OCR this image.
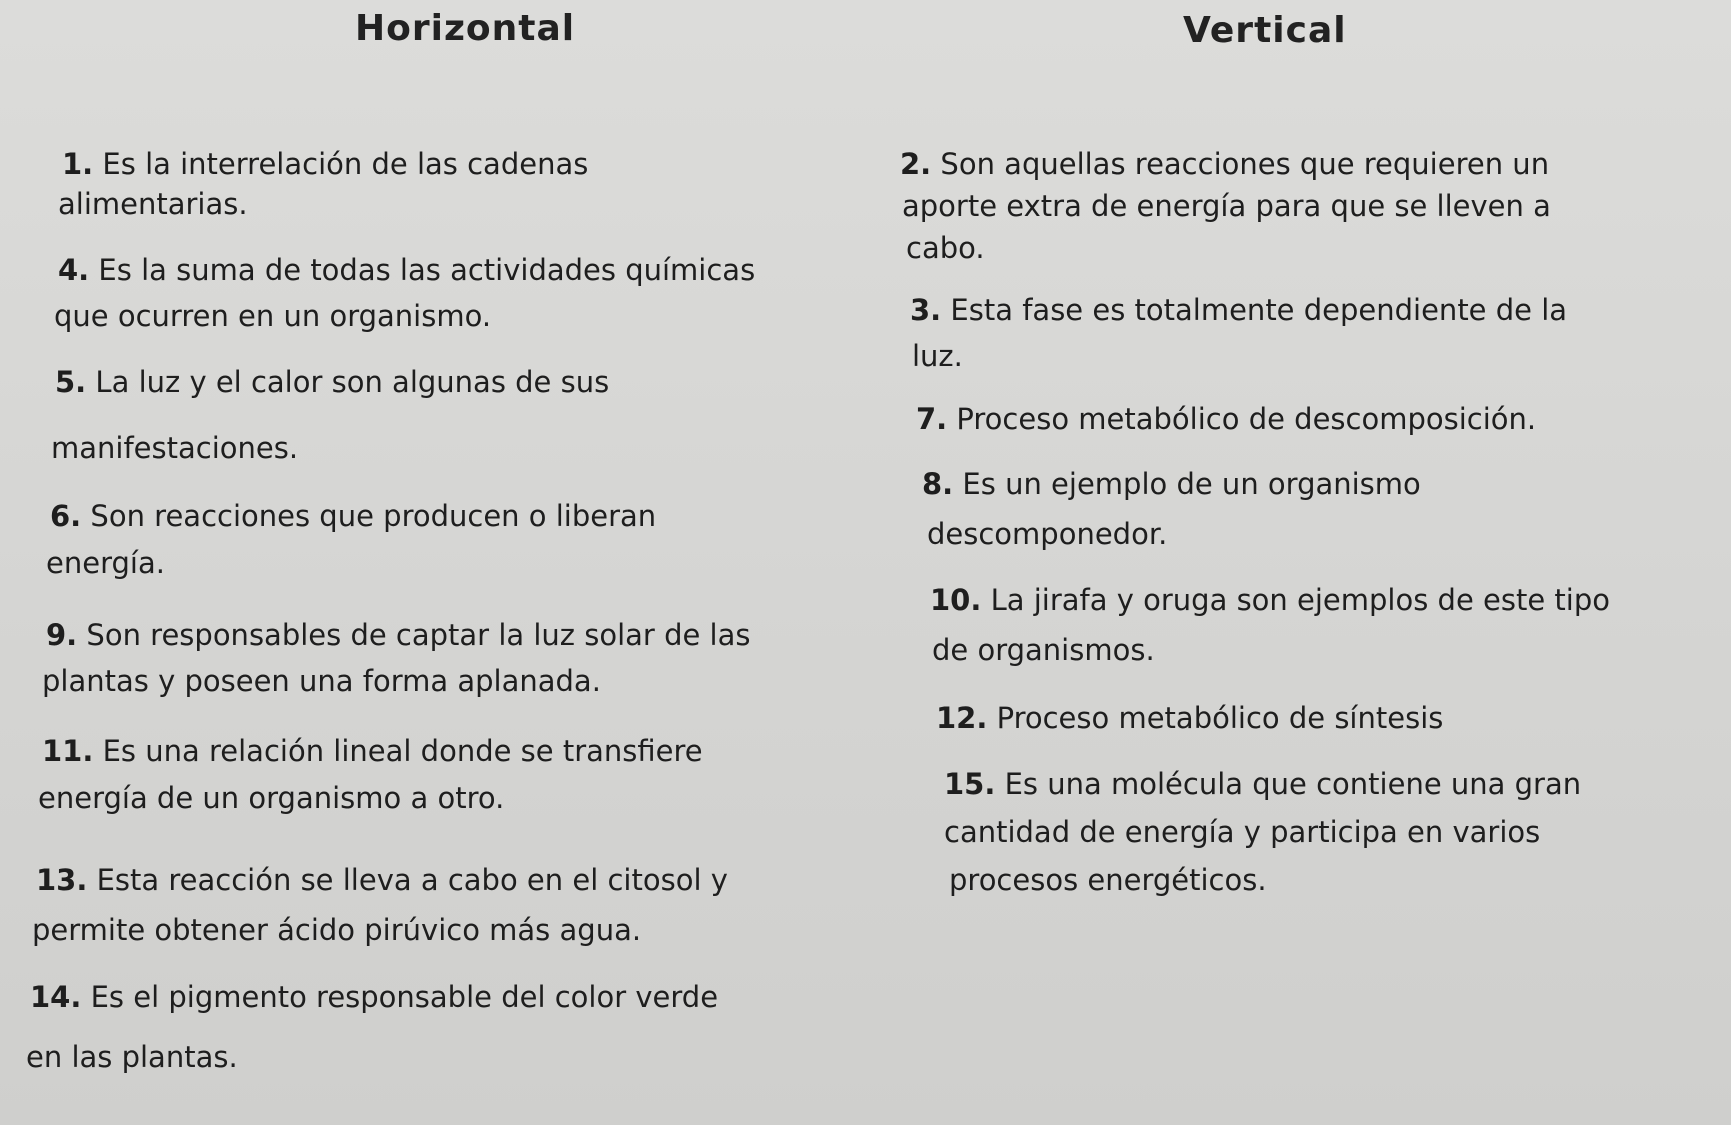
Horizontal	Vertical
1. Es la interrelación de las cadenas
alimentarias.
4. Es la suma de todas las actividades químicas
que ocurren en un organismo.
5. La luz y el calor son algunas de sus
manifestaciones.
6. Son reacciones que producen o liberan
energía.
9. Son responsables de captar la luz solar de las
plantas y poseen una forma aplanada.
11. Es una relación lineal donde se transfiere
energía de un organismo a otro.
13. Esta reacción se lleva a cabo en el citosol y
permite obtener ácido pirúvico más agua.
14. Es el pigmento responsable del color verde
en las plantas.
2. Son aquellas reacciones que requieren un
aporte extra de energía para que se lleven a
cabo.
3. Esta fase es totalmente dependiente de la
luz.
7. Proceso metabólico de descomposición.
8. Es un ejemplo de un organismo
descomponedor.
10. La jirafa y oruga son ejemplos de este tipo
de organismos.
12. Proceso metabólico de síntesis
15. Es una molécula que contiene una gran
cantidad de energía y participa en varios
procesos energéticos.
